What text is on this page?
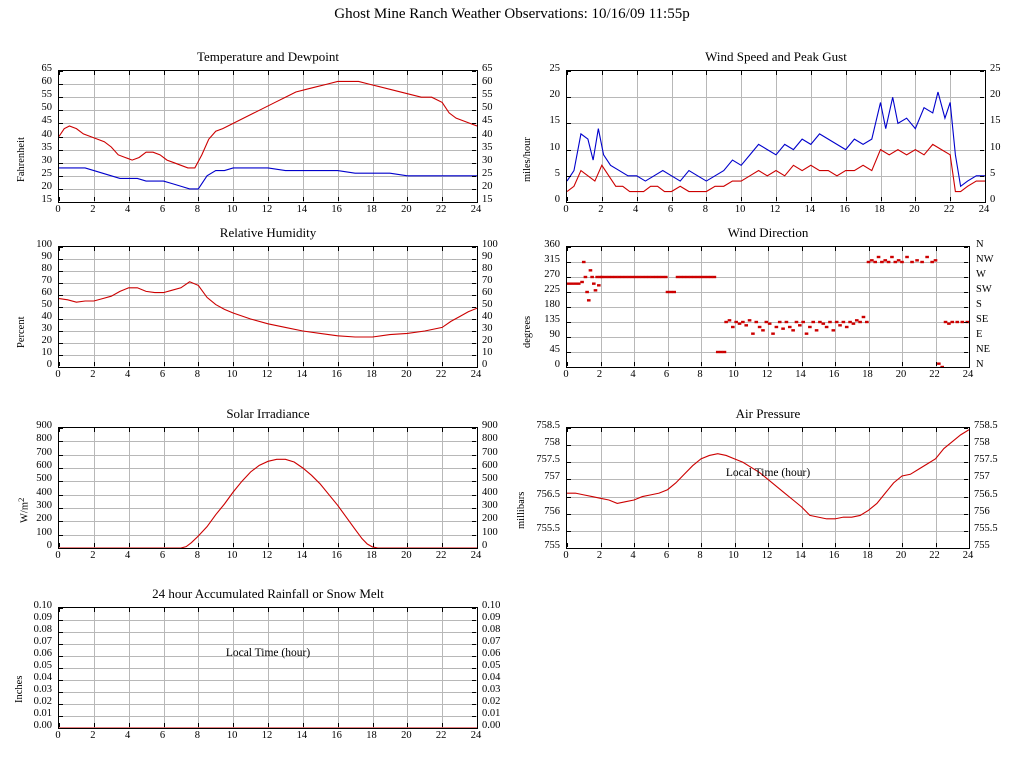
Ghost Mine Ranch Weather Observations: 10/16/09 11:55p
Temperature and Dewpoint
Fahrenheit
15	15
20	20
25	25
30	30
35	35
40	40
45	45
50	50
55	55
60	60
65	65
0	2	4	6	8	10	12	14	16	18	20	22	24
Wind Speed and Peak Gust
miles/hour
0	0
5	5
10	10
15	15
20	20
25	25
0	2	4	6	8	10	12	14	16	18	20	22	24
Relative Humidity
Percent
0	0
10	10
20	20
30	30
40	40
50	50
60	60
70	70
80	80
90	90
100	100
0	2	4	6	8	10	12	14	16	18	20	22	24
Wind Direction
degrees
0
45
90
135
180
225
270
315
360
N
NE
E
SE
S
SW
W
NW
N
0	2	4	6	8	10	12	14	16	18	20	22	24
Solar Irradiance
$W/m^2$
0	0
100	100
200	200
300	300
400	400
500	500
600	600
700	700
800	800
900	900
0	2	4	6	8	10	12	14	16	18	20	22	24
Air Pressure
millibars
Local Time (hour)
755	755
755.5	755.5
756	756
756.5	756.5
757	757
757.5	757.5
758	758
758.5	758.5
0	2	4	6	8	10	12	14	16	18	20	22	24
24 hour Accumulated Rainfall or Snow Melt
Inches
Local Time (hour)
0.00	0.00
0.01	0.01
0.02	0.02
0.03	0.03
0.04	0.04
0.05	0.05
0.06	0.06
0.07	0.07
0.08	0.08
0.09	0.09
0.10	0.10
0	2	4	6	8	10	12	14	16	18	20	22	24
